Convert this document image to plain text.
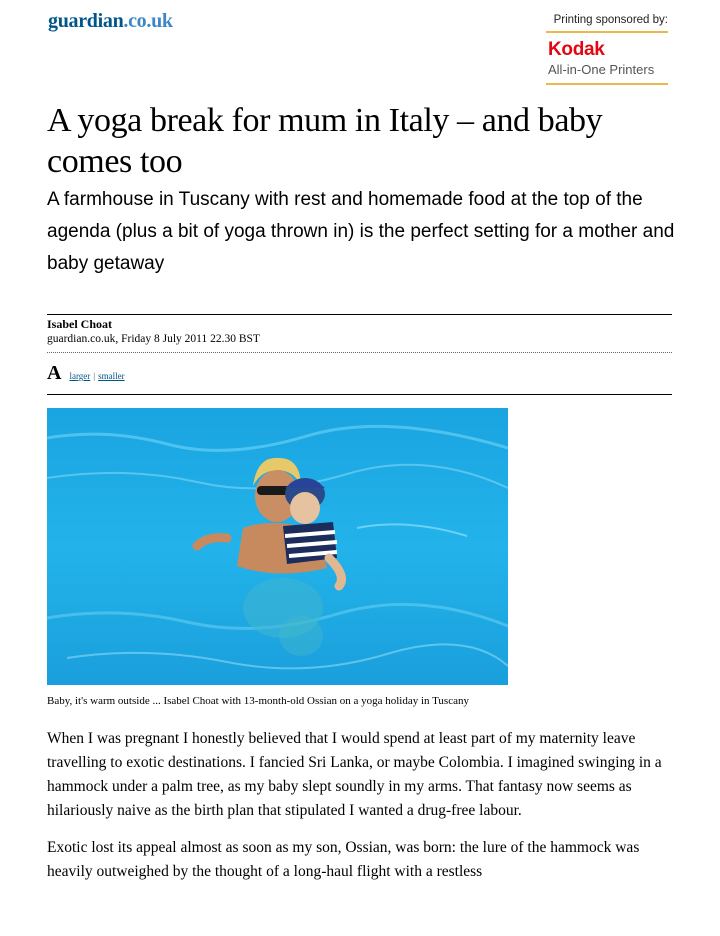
guardian.co.uk	Printing sponsored by:
Kodak
All-in-One Printers
A yoga break for mum in Italy – and baby comes too

A farmhouse in Tuscany with rest and homemade food at the top of the agenda (plus a bit of yoga thrown in) is the perfect setting for a mother and baby getaway

Isabel Choat
guardian.co.uk, Friday 8 July 2011 22.30 BST
A larger | smaller
Baby, it's warm outside ... Isabel Choat with 13-month-old Ossian on a yoga holiday in Tuscany

When I was pregnant I honestly believed that I would spend at least part of my maternity leave travelling to exotic destinations. I fancied Sri Lanka, or maybe Colombia. I imagined swinging in a hammock under a palm tree, as my baby slept soundly in my arms. That fantasy now seems as hilariously naive as the birth plan that stipulated I wanted a drug-free labour.

Exotic lost its appeal almost as soon as my son, Ossian, was born: the lure of the hammock was heavily outweighed by the thought of a long-haul flight with a restless
